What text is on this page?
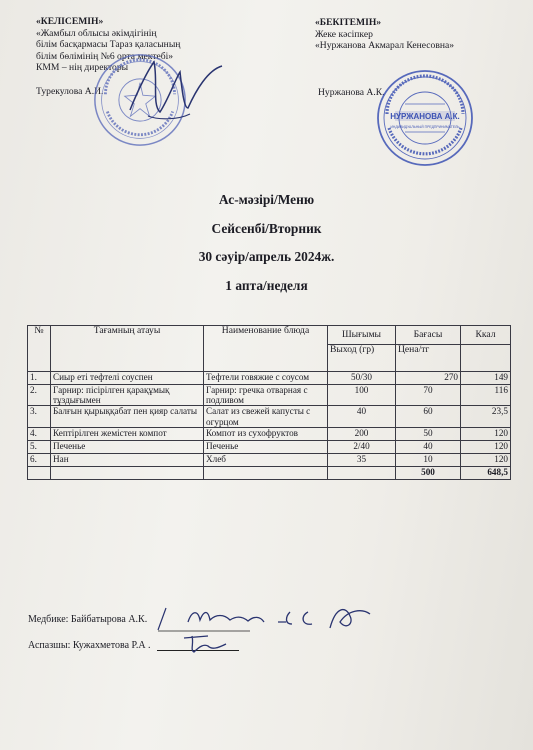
«КЕЛІСЕМІН»
«Жамбыл облысы әкімдігінің
білім басқармасы Тараз қаласының
білім бөлімінің №6 орта мектебі»
КММ – нің директоры
Турекулова А.И.
«БЕКІТЕМІН»
Жеке кәсіпкер
«Нуржанова Акмарал Кенесовна»
Нуржанова А.К.
НУРЖАНОВА А.К.
ИНДИВИДУАЛЬНЫЙ ПРЕДПРИНИМАТЕЛЬ
Ас-мәзірі/Меню
Сейсенбі/Вторник
30 сәуір/апрель 2024ж.
1 апта/неделя
№	Тағамның атауы	Наименование блюда	Шығымы	Бағасы	Ккал
			Выход (гр)	Цена/тг	
1.	Сиыр еті тефтелі соуспен	Тефтели говяжие с соусом	50/30	270	149
2.	Гарнир: пісірілген қарақұмық тұздығымен	Гарнир: гречка отварная с подливом	100	70	116
3.	Балғын қырыққабат пен қияр салаты	Салат из свежей капусты с огурцом	40	60	23,5
4.	Кептірілген жемістен компот	Компот из сухофруктов	200	50	120
5.	Печенье	Печенье	2/40	40	120
6.	Нан	Хлеб	35	10	120
				500	648,5
Медбике: Байбатырова А.К.
Аспазшы: Кужахметова Р.А .
